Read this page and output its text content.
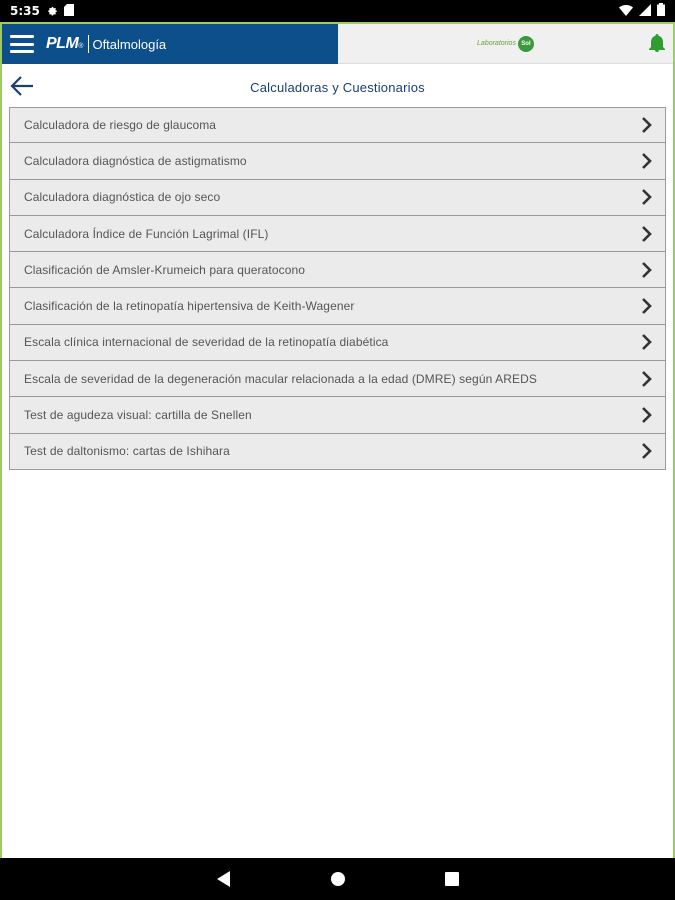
5:35
PLM ® Oftalmología	Laboratorios Sol
Calculadoras y Cuestionarios
Calculadora de riesgo de glaucoma
Calculadora diagnóstica de astigmatismo
Calculadora diagnóstica de ojo seco
Calculadora Índice de Función Lagrimal (IFL)
Clasificación de Amsler-Krumeich para queratocono
Clasificación de la retinopatía hipertensiva de Keith-Wagener
Escala clínica internacional de severidad de la retinopatía diabética
Escala de severidad de la degeneración macular relacionada a la edad (DMRE) según AREDS
Test de agudeza visual: cartilla de Snellen
Test de daltonismo: cartas de Ishihara
